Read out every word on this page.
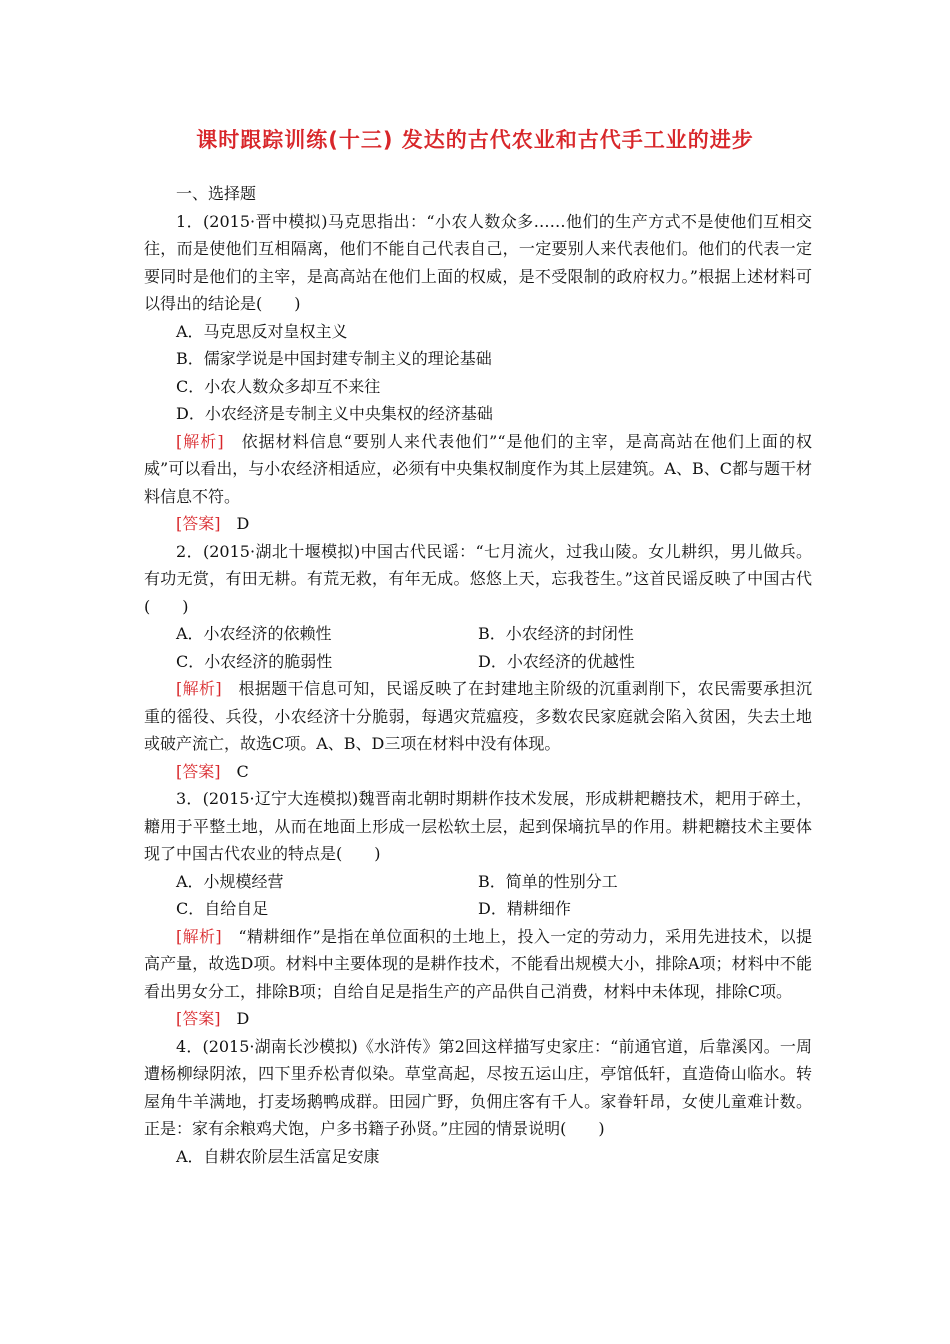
课时跟踪训练(十三) 发达的古代农业和古代手工业的进步

一、选择题

1．(2015·晋中模拟)马克思指出：“小农人数众多……他们的生产方式不是使他们互相交往，而是使他们互相隔离，他们不能自己代表自己，一定要别人来代表他们。他们的代表一定要同时是他们的主宰，是高高站在他们上面的权威，是不受限制的政府权力。”根据上述材料可以得出的结论是(　　)

A．马克思反对皇权主义

B．儒家学说是中国封建专制主义的理论基础

C．小农人数众多却互不来往

D．小农经济是专制主义中央集权的经济基础

[解析]　 依据材料信息“要别人来代表他们”“是他们的主宰，是高高站在他们上面的权威”可以看出，与小农经济相适应，必须有中央集权制度作为其上层建筑。A、B、C都与题干材料信息不符。

[答案]　 D

2．(2015·湖北十堰模拟)中国古代民谣：“七月流火，过我山陵。女儿耕织，男儿做兵。有功无赏，有田无耕。有荒无救，有年无成。悠悠上天，忘我苍生。”这首民谣反映了中国古代(　　)

A．小农经济的依赖性	B．小农经济的封闭性
C．小农经济的脆弱性	D．小农经济的优越性

[解析]　 根据题干信息可知，民谣反映了在封建地主阶级的沉重剥削下，农民需要承担沉重的徭役、兵役，小农经济十分脆弱，每遇灾荒瘟疫，多数农民家庭就会陷入贫困，失去土地或破产流亡，故选C项。A、B、D三项在材料中没有体现。

[答案]　 C

3．(2015·辽宁大连模拟)魏晋南北朝时期耕作技术发展，形成耕耙耱技术，耙用于碎土，耱用于平整土地，从而在地面上形成一层松软土层，起到保墒抗旱的作用。耕耙耱技术主要体现了中国古代农业的特点是(　　)

A．小规模经营	B．简单的性别分工
C．自给自足	D．精耕细作

[解析]　 “精耕细作”是指在单位面积的土地上，投入一定的劳动力，采用先进技术，以提高产量，故选D项。材料中主要体现的是耕作技术，不能看出规模大小，排除A项；材料中不能看出男女分工，排除B项；自给自足是指生产的产品供自己消费，材料中未体现，排除C项。

[答案]　 D

4．(2015·湖南长沙模拟)《水浒传》第2回这样描写史家庄：“前通官道，后靠溪冈。一周遭杨柳绿阴浓，四下里乔松青似染。草堂高起，尽按五运山庄，亭馆低轩，直造倚山临水。转屋角牛羊满地，打麦场鹅鸭成群。田园广野，负佣庄客有千人。家眷轩昂，女使儿童难计数。正是：家有余粮鸡犬饱，户多书籍子孙贤。”庄园的情景说明(　　)

A．自耕农阶层生活富足安康
